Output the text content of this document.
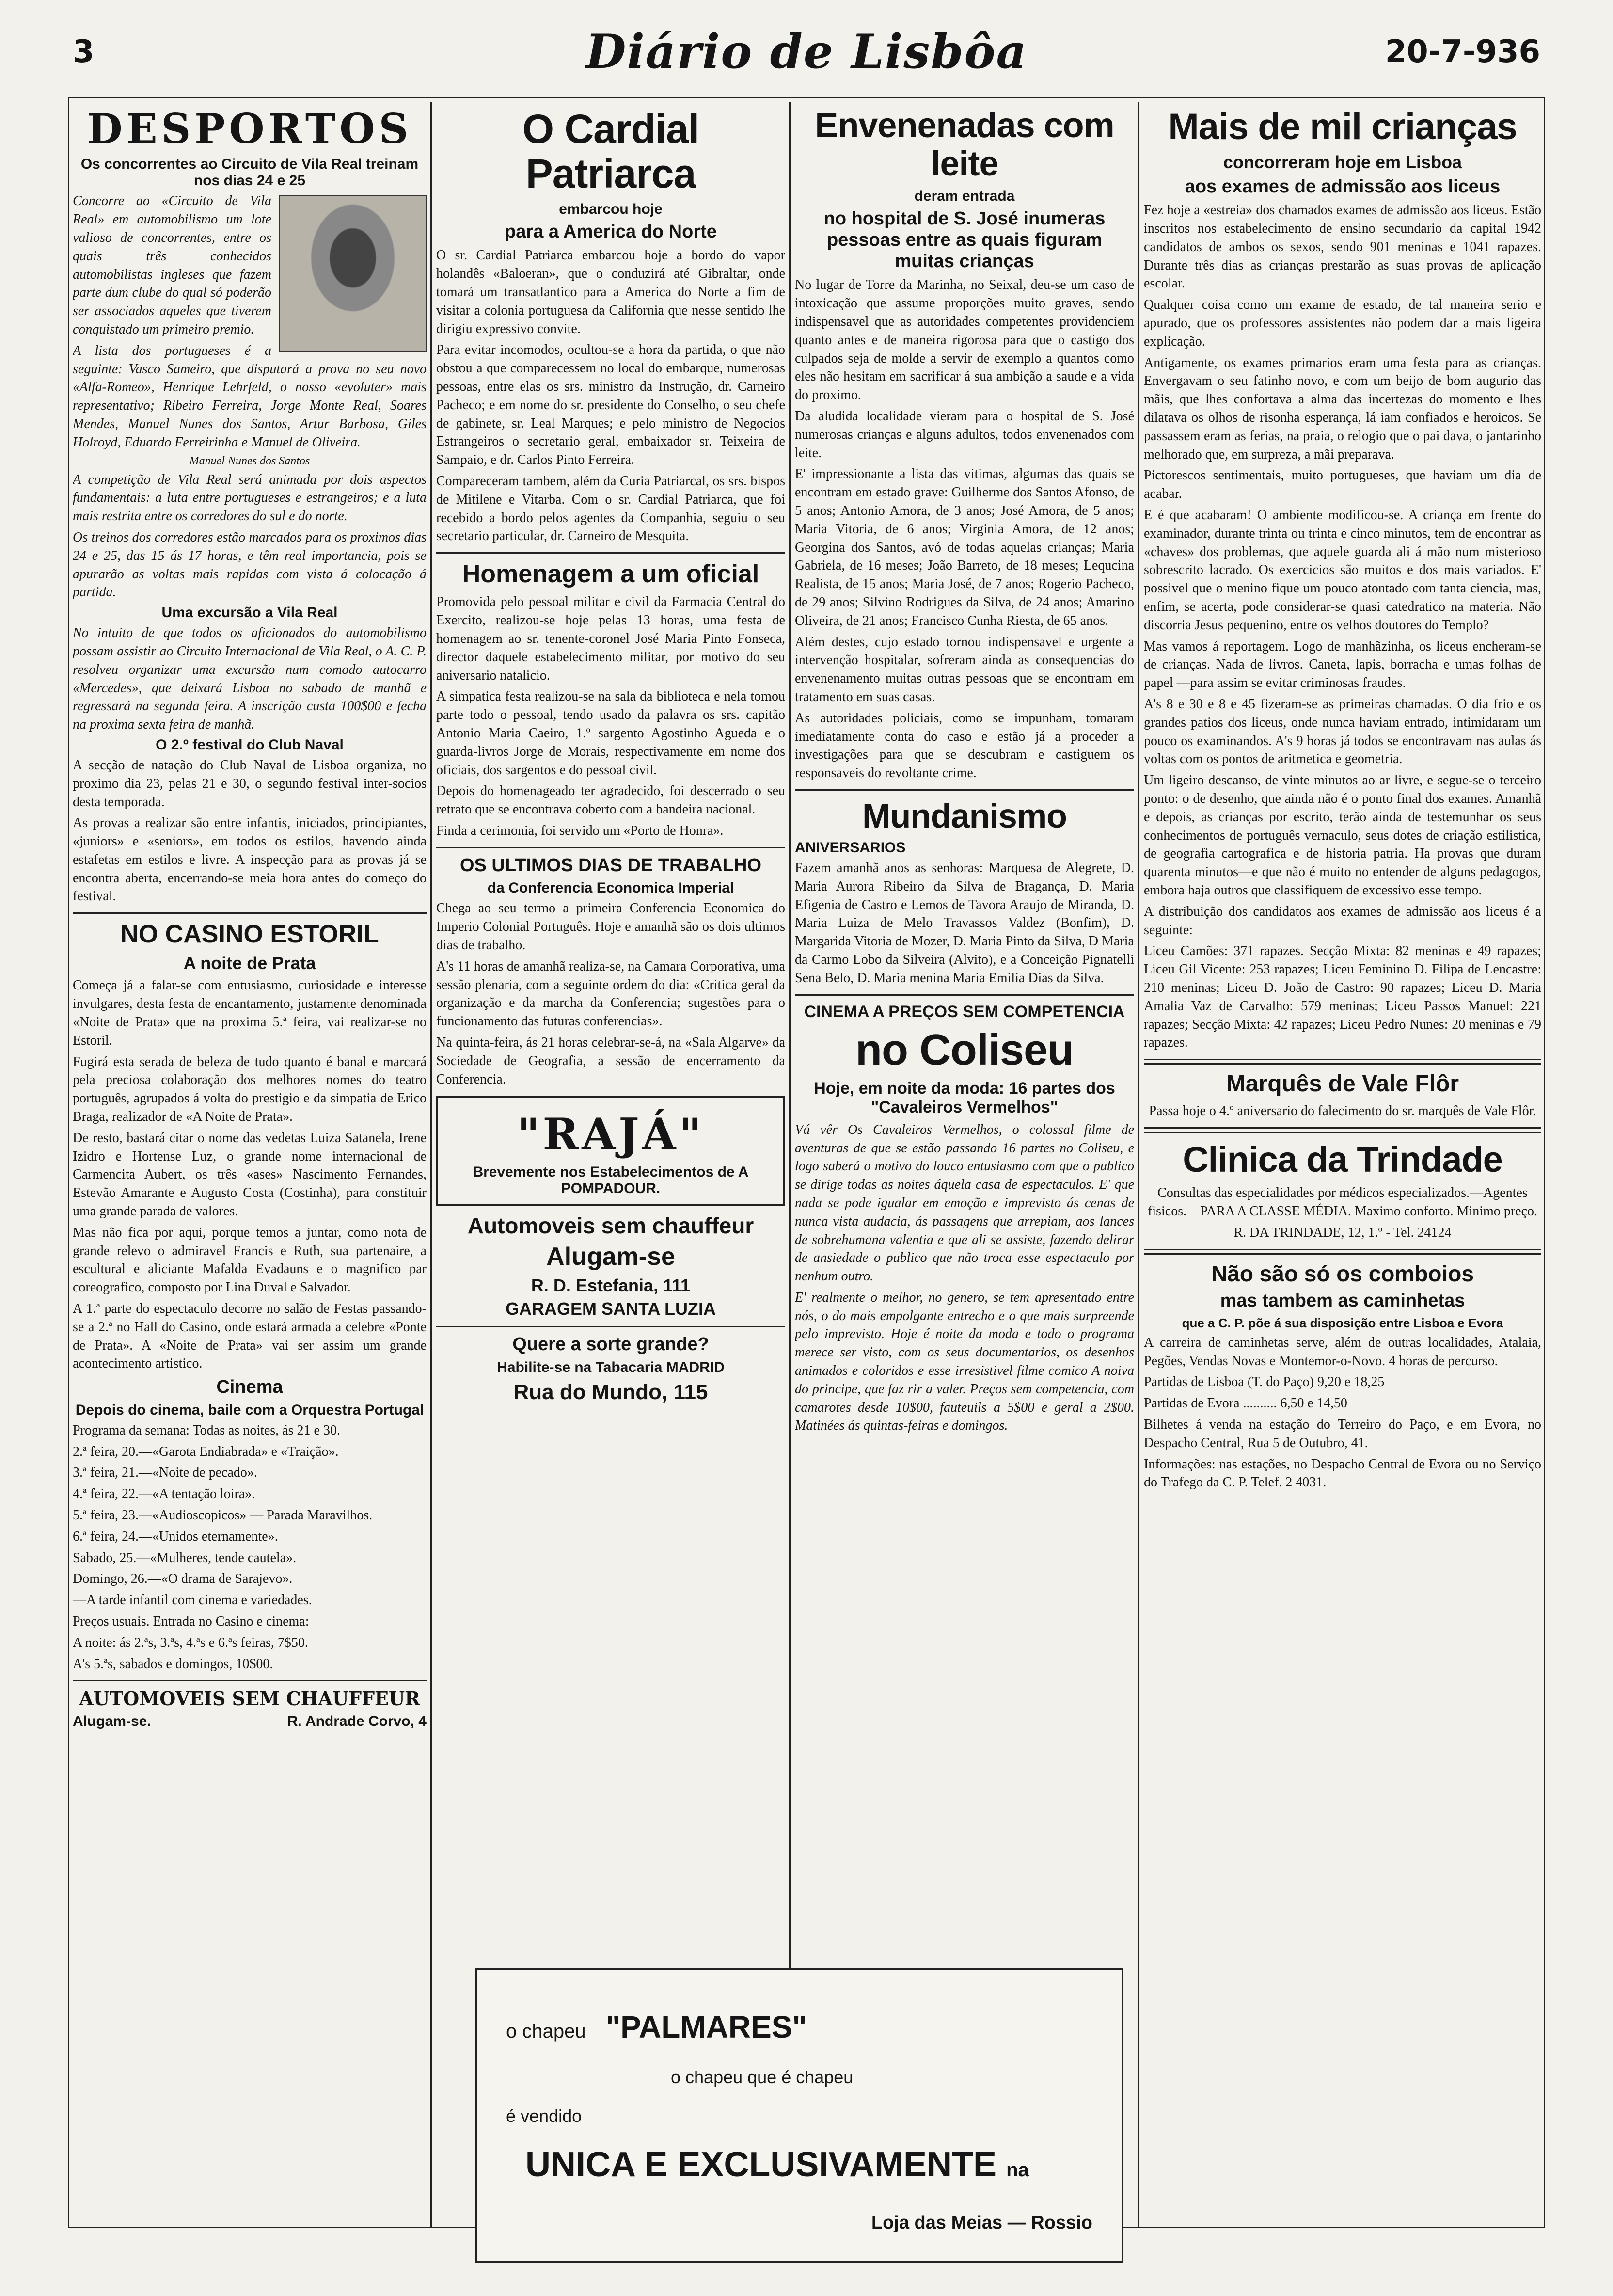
3	Diário de Lisbôa	20-7-936
DESPORTOS
Os concorrentes ao Circuito de Vila Real treinam nos dias 24 e 25

Concorre ao «Circuito de Vila Real» em automobilismo um lote valioso de concorrentes, entre os quais três conhecidos automobilistas ingleses que fazem parte dum clube do qual só poderão ser associados aqueles que tiverem conquistado um primeiro premio.

A lista dos portugueses é a seguinte: Vasco Sameiro, que disputará a prova no seu novo «Alfa-Romeo», Henrique Lehrfeld, o nosso «evoluter» mais representativo; Ribeiro Ferreira, Jorge Monte Real, Soares Mendes, Manuel Nunes dos Santos, Artur Barbosa, Giles Holroyd, Eduardo Ferreirinha e Manuel de Oliveira.

Manuel Nunes dos Santos

A competição de Vila Real será animada por dois aspectos fundamentais: a luta entre portugueses e estrangeiros; e a luta mais restrita entre os corredores do sul e do norte.

Os treinos dos corredores estão marcados para os proximos dias 24 e 25, das 15 ás 17 horas, e têm real importancia, pois se apurarão as voltas mais rapidas com vista á colocação á partida.

Uma excursão a Vila Real

No intuito de que todos os aficionados do automobilismo possam assistir ao Circuito Internacional de Vila Real, o A. C. P. resolveu organizar uma excursão num comodo autocarro «Mercedes», que deixará Lisboa no sabado de manhã e regressará na segunda feira. A inscrição custa 100$00 e fecha na proxima sexta feira de manhã.

O 2.º festival do Club Naval

A secção de natação do Club Naval de Lisboa organiza, no proximo dia 23, pelas 21 e 30, o segundo festival inter-socios desta temporada.

As provas a realizar são entre infantis, iniciados, principiantes, «juniors» e «seniors», em todos os estilos, havendo ainda estafetas em estilos e livre. A inspecção para as provas já se encontra aberta, encerrando-se meia hora antes do começo do festival.

NO CASINO ESTORIL
A noite de Prata

Começa já a falar-se com entusiasmo, curiosidade e interesse invulgares, desta festa de encantamento, justamente denominada «Noite de Prata» que na proxima 5.ª feira, vai realizar-se no Estoril.

Fugirá esta serada de beleza de tudo quanto é banal e marcará pela preciosa colaboração dos melhores nomes do teatro português, agrupados á volta do prestigio e da simpatia de Erico Braga, realizador de «A Noite de Prata».

De resto, bastará citar o nome das vedetas Luiza Satanela, Irene Izidro e Hortense Luz, o grande nome internacional de Carmencita Aubert, os três «ases» Nascimento Fernandes, Estevão Amarante e Augusto Costa (Costinha), para constituir uma grande parada de valores.

Mas não fica por aqui, porque temos a juntar, como nota de grande relevo o admiravel Francis e Ruth, sua partenaire, a escultural e aliciante Mafalda Evadauns e o magnifico par coreografico, composto por Lina Duval e Salvador.

A 1.ª parte do espectaculo decorre no salão de Festas passando-se a 2.ª no Hall do Casino, onde estará armada a celebre «Ponte de Prata». A «Noite de Prata» vai ser assim um grande acontecimento artistico.

Cinema
Depois do cinema, baile com a Orquestra Portugal

Programa da semana: Todas as noites, ás 21 e 30.

2.ª feira, 20.—«Garota Endiabrada» e «Traição».

3.ª feira, 21.—«Noite de pecado».

4.ª feira, 22.—«A tentação loira».

5.ª feira, 23.—«Audioscopicos» — Parada Maravilhos.

6.ª feira, 24.—«Unidos eternamente».

Sabado, 25.—«Mulheres, tende cautela».

Domingo, 26.—«O drama de Sarajevo».

—A tarde infantil com cinema e variedades.

Preços usuais. Entrada no Casino e cinema:

A noite: ás 2.ªs, 3.ªs, 4.ªs e 6.ªs feiras, 7$50.

A's 5.ªs, sabados e domingos, 10$00.

AUTOMOVEIS SEM CHAUFFEUR
Alugam-se.	R. Andrade Corvo, 4
O Cardial Patriarca
embarcou hoje
para a America do Norte

O sr. Cardial Patriarca embarcou hoje a bordo do vapor holandês «Baloeran», que o conduzirá até Gibraltar, onde tomará um transatlantico para a America do Norte a fim de visitar a colonia portuguesa da California que nesse sentido lhe dirigiu expressivo convite.

Para evitar incomodos, ocultou-se a hora da partida, o que não obstou a que comparecessem no local do embarque, numerosas pessoas, entre elas os srs. ministro da Instrução, dr. Carneiro Pacheco; e em nome do sr. presidente do Conselho, o seu chefe de gabinete, sr. Leal Marques; e pelo ministro de Negocios Estrangeiros o secretario geral, embaixador sr. Teixeira de Sampaio, e dr. Carlos Pinto Ferreira.

Compareceram tambem, além da Curia Patriarcal, os srs. bispos de Mitilene e Vitarba. Com o sr. Cardial Patriarca, que foi recebido a bordo pelos agentes da Companhia, seguiu o seu secretario particular, dr. Carneiro de Mesquita.

Homenagem a um oficial

Promovida pelo pessoal militar e civil da Farmacia Central do Exercito, realizou-se hoje pelas 13 horas, uma festa de homenagem ao sr. tenente-coronel José Maria Pinto Fonseca, director daquele estabelecimento militar, por motivo do seu aniversario natalicio.

A simpatica festa realizou-se na sala da biblioteca e nela tomou parte todo o pessoal, tendo usado da palavra os srs. capitão Antonio Maria Caeiro, 1.º sargento Agostinho Agueda e o guarda-livros Jorge de Morais, respectivamente em nome dos oficiais, dos sargentos e do pessoal civil.

Depois do homenageado ter agradecido, foi descerrado o seu retrato que se encontrava coberto com a bandeira nacional.

Finda a cerimonia, foi servido um «Porto de Honra».

OS ULTIMOS DIAS DE TRABALHO
da Conferencia Economica Imperial

Chega ao seu termo a primeira Conferencia Economica do Imperio Colonial Português. Hoje e amanhã são os dois ultimos dias de trabalho.

A's 11 horas de amanhã realiza-se, na Camara Corporativa, uma sessão plenaria, com a seguinte ordem do dia: «Critica geral da organização e da marcha da Conferencia; sugestões para o funcionamento das futuras conferencias».

Na quinta-feira, ás 21 horas celebrar-se-á, na «Sala Algarve» da Sociedade de Geografia, a sessão de encerramento da Conferencia.

"RAJÁ"
Brevemente nos Estabelecimentos de A POMPADOUR.
Automoveis sem chauffeur
Alugam-se
R. D. Estefania, 111
GARAGEM SANTA LUZIA
Quere a sorte grande?
Habilite-se na Tabacaria MADRID
Rua do Mundo, 115
Envenenadas com leite
deram entrada
no hospital de S. José inumeras pessoas entre as quais figuram muitas crianças

No lugar de Torre da Marinha, no Seixal, deu-se um caso de intoxicação que assume proporções muito graves, sendo indispensavel que as autoridades competentes providenciem quanto antes e de maneira rigorosa para que o castigo dos culpados seja de molde a servir de exemplo a quantos como eles não hesitam em sacrificar á sua ambição a saude e a vida do proximo.

Da aludida localidade vieram para o hospital de S. José numerosas crianças e alguns adultos, todos envenenados com leite.

E' impressionante a lista das vitimas, algumas das quais se encontram em estado grave: Guilherme dos Santos Afonso, de 5 anos; Antonio Amora, de 3 anos; José Amora, de 5 anos; Maria Vitoria, de 6 anos; Virginia Amora, de 12 anos; Georgina dos Santos, avó de todas aquelas crianças; Maria Gabriela, de 16 meses; João Barreto, de 18 meses; Lequcina Realista, de 15 anos; Maria José, de 7 anos; Rogerio Pacheco, de 29 anos; Silvino Rodrigues da Silva, de 24 anos; Amarino Oliveira, de 21 anos; Francisco Cunha Riesta, de 65 anos.

Além destes, cujo estado tornou indispensavel e urgente a intervenção hospitalar, sofreram ainda as consequencias do envenenamento muitas outras pessoas que se encontram em tratamento em suas casas.

As autoridades policiais, como se impunham, tomaram imediatamente conta do caso e estão já a proceder a investigações para que se descubram e castiguem os responsaveis do revoltante crime.

Mundanismo
ANIVERSARIOS

Fazem amanhã anos as senhoras: Marquesa de Alegrete, D. Maria Aurora Ribeiro da Silva de Bragança, D. Maria Efigenia de Castro e Lemos de Tavora Araujo de Miranda, D. Maria Luiza de Melo Travassos Valdez (Bonfim), D. Margarida Vitoria de Mozer, D. Maria Pinto da Silva, D Maria da Carmo Lobo da Silveira (Alvito), e a Conceição Pignatelli Sena Belo, D. Maria menina Maria Emilia Dias da Silva.

CINEMA A PREÇOS SEM COMPETENCIA
no Coliseu
Hoje, em noite da moda: 16 partes dos "Cavaleiros Vermelhos"

Vá vêr Os Cavaleiros Vermelhos, o colossal filme de aventuras de que se estão passando 16 partes no Coliseu, e logo saberá o motivo do louco entusiasmo com que o publico se dirige todas as noites áquela casa de espectaculos. E' que nada se pode igualar em emoção e imprevisto ás cenas de nunca vista audacia, ás passagens que arrepiam, aos lances de sobrehumana valentia e que ali se assiste, fazendo delirar de ansiedade o publico que não troca esse espectaculo por nenhum outro.

E' realmente o melhor, no genero, se tem apresentado entre nós, o do mais empolgante entrecho e o que mais surpreende pelo imprevisto. Hoje é noite da moda e todo o programa merece ser visto, com os seus documentarios, os desenhos animados e coloridos e esse irresistivel filme comico A noiva do principe, que faz rir a valer. Preços sem competencia, com camarotes desde 10$00, fauteuils a 5$00 e geral a 2$00. Matinées ás quintas-feiras e domingos.

Mais de mil crianças
concorreram hoje em Lisboa
aos exames de admissão aos liceus

Fez hoje a «estreia» dos chamados exames de admissão aos liceus. Estão inscritos nos estabelecimento de ensino secundario da capital 1942 candidatos de ambos os sexos, sendo 901 meninas e 1041 rapazes. Durante três dias as crianças prestarão as suas provas de aplicação escolar.

Qualquer coisa como um exame de estado, de tal maneira serio e apurado, que os professores assistentes não podem dar a mais ligeira explicação.

Antigamente, os exames primarios eram uma festa para as crianças. Envergavam o seu fatinho novo, e com um beijo de bom augurio das mãis, que lhes confortava a alma das incertezas do momento e lhes dilatava os olhos de risonha esperança, lá iam confiados e heroicos. Se passassem eram as ferias, na praia, o relogio que o pai dava, o jantarinho melhorado que, em surpreza, a mãi preparava.

Pictorescos sentimentais, muito portugueses, que haviam um dia de acabar.

E é que acabaram! O ambiente modificou-se. A criança em frente do examinador, durante trinta ou trinta e cinco minutos, tem de encontrar as «chaves» dos problemas, que aquele guarda ali á mão num misterioso sobrescrito lacrado. Os exercicios são muitos e dos mais variados. E' possivel que o menino fique um pouco atontado com tanta ciencia, mas, enfim, se acerta, pode considerar-se quasi catedratico na materia. Não discorria Jesus pequenino, entre os velhos doutores do Templo?

Mas vamos á reportagem. Logo de manhãzinha, os liceus encheram-se de crianças. Nada de livros. Caneta, lapis, borracha e umas folhas de papel —para assim se evitar criminosas fraudes.

A's 8 e 30 e 8 e 45 fizeram-se as primeiras chamadas. O dia frio e os grandes patios dos liceus, onde nunca haviam entrado, intimidaram um pouco os examinandos. A's 9 horas já todos se encontravam nas aulas ás voltas com os pontos de aritmetica e geometria.

Um ligeiro descanso, de vinte minutos ao ar livre, e segue-se o terceiro ponto: o de desenho, que ainda não é o ponto final dos exames. Amanhã e depois, as crianças por escrito, terão ainda de testemunhar os seus conhecimentos de português vernaculo, seus dotes de criação estilistica, de geografia cartografica e de historia patria. Ha provas que duram quarenta minutos—e que não é muito no entender de alguns pedagogos, embora haja outros que classifiquem de excessivo esse tempo.

A distribuição dos candidatos aos exames de admissão aos liceus é a seguinte:

Liceu Camões: 371 rapazes. Secção Mixta: 82 meninas e 49 rapazes; Liceu Gil Vicente: 253 rapazes; Liceu Feminino D. Filipa de Lencastre: 210 meninas; Liceu D. João de Castro: 90 rapazes; Liceu D. Maria Amalia Vaz de Carvalho: 579 meninas; Liceu Passos Manuel: 221 rapazes; Secção Mixta: 42 rapazes; Liceu Pedro Nunes: 20 meninas e 79 rapazes.

Marquês de Vale Flôr

Passa hoje o 4.º aniversario do falecimento do sr. marquês de Vale Flôr.

Clinica da Trindade

Consultas das especialidades por médicos especializados.—Agentes fisicos.—PARA A CLASSE MÉDIA. Maximo conforto. Minimo preço.

R. DA TRINDADE, 12, 1.º - Tel. 24124

Não são só os comboios
mas tambem as caminhetas
que a C. P. põe á sua disposição entre Lisboa e Evora

A carreira de caminhetas serve, além de outras localidades, Atalaia, Pegões, Vendas Novas e Montemor-o-Novo. 4 horas de percurso.

Partidas de Lisboa (T. do Paço) 9,20 e 18,25

Partidas de Evora .......... 6,50 e 14,50

Bilhetes á venda na estação do Terreiro do Paço, e em Evora, no Despacho Central, Rua 5 de Outubro, 41.

Informações: nas estações, no Despacho Central de Evora ou no Serviço do Trafego da C. P. Telef. 2 4031.

o chapeu "PALMARES"
o chapeu que é chapeu
é vendido
UNICA E EXCLUSIVAMENTE na
Loja das Meias — Rossio
